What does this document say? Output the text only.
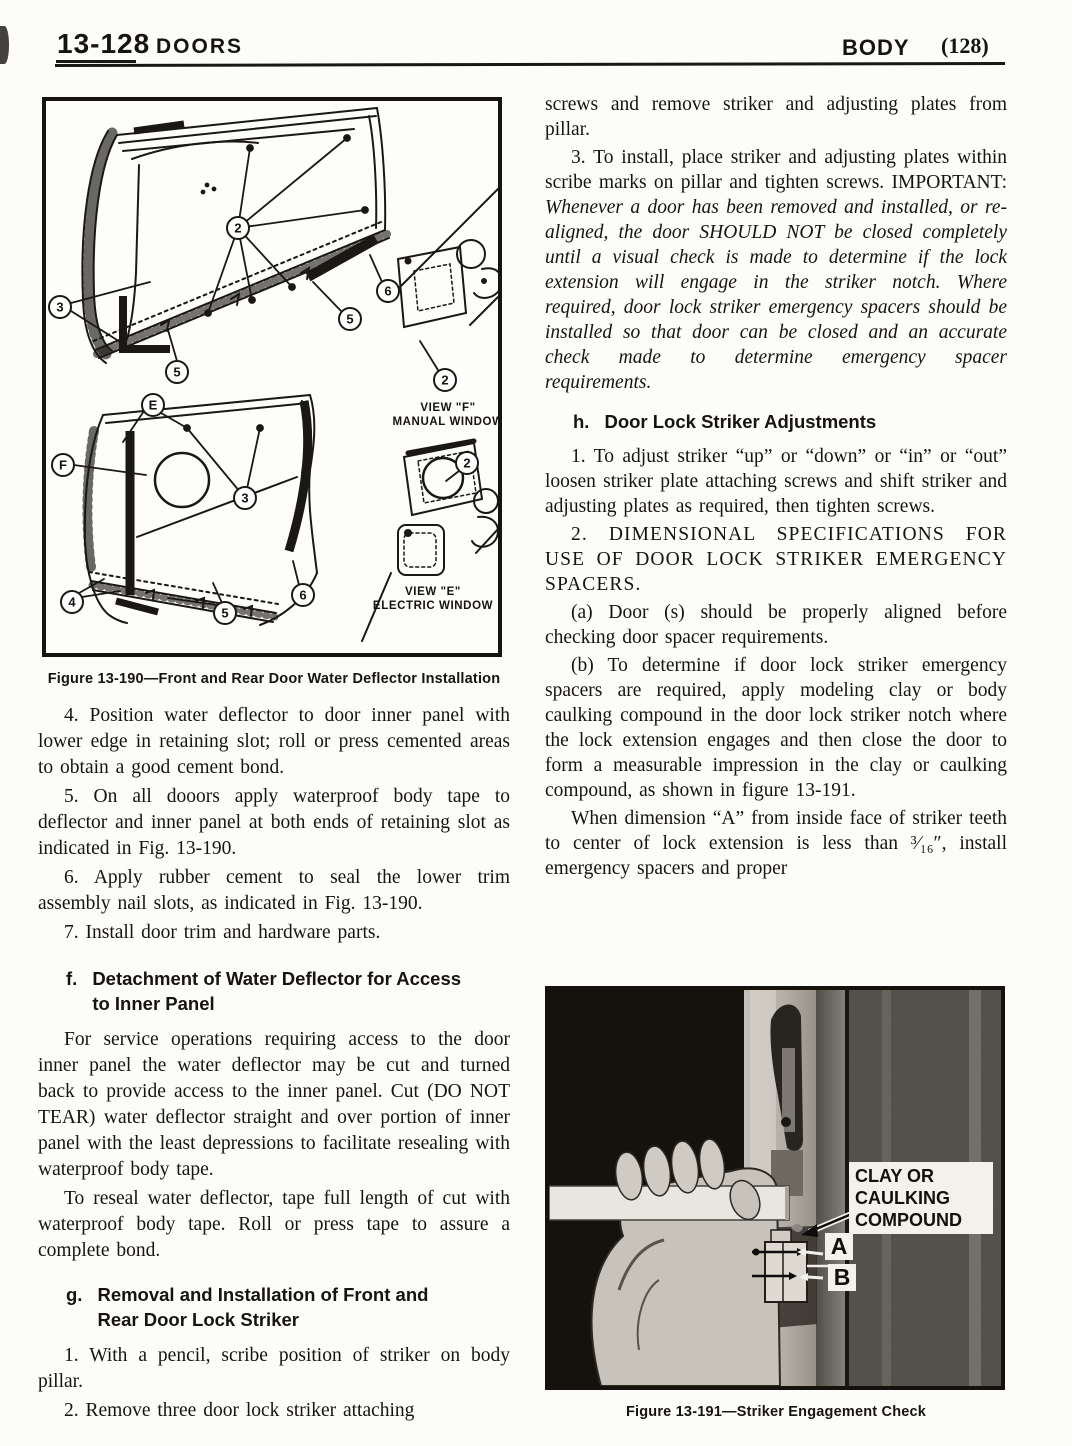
13-128 DOORS	BODY (128)
2
3
5
5
6
2
E
F
3
4
5
6
2
VIEW "F"
MANUAL WINDOW
VIEW "E"
ELECTRIC WINDOW
Figure 13-190—Front and Rear Door Water Deflector Installation

4. Position water deflector to door inner panel with lower edge in retaining slot; roll or press cemented areas to obtain a good cement bond.

5. On all dooors apply waterproof body tape to deflector and inner panel at both ends of retaining slot as indicated in Fig. 13-190.

6. Apply rubber cement to seal the lower trim assembly nail slots, as indicated in Fig. 13-190.

7. Install door trim and hardware parts.

f. Detachment of Water Deflector for Access to Inner Panel

For service operations requiring access to the door inner panel the water deflector may be cut and turned back to provide access to the inner panel. Cut (DO NOT TEAR) water deflector straight and over portion of inner panel with the least depressions to facilitate resealing with waterproof body tape.

To reseal water deflector, tape full length of cut with waterproof body tape. Roll or press tape to assure a complete bond.

g. Removal and Installation of Front and Rear Door Lock Striker

1. With a pencil, scribe position of striker on body pillar.

2. Remove three door lock striker attaching

screws and remove striker and adjusting plates from pillar.

3. To install, place striker and adjusting plates within scribe marks on pillar and tighten screws. IMPORTANT: Whenever a door has been removed and installed, or re-aligned, the door SHOULD NOT be closed completely until a visual check is made to determine if the lock extension will engage in the striker notch. Where required, door lock striker emergency spacers should be installed so that door can be closed and an accurate check made to determine emergency spacer requirements.

h. Door Lock Striker Adjustments

1. To adjust striker “up” or “down” or “in” or “out” loosen striker plate attaching screws and shift striker and adjusting plates as required, then tighten screws.

2. DIMENSIONAL SPECIFICATIONS FOR USE OF DOOR LOCK STRIKER EMERGENCY SPACERS.

(a) Door (s) should be properly aligned before checking door spacer requirements.

(b) To determine if door lock striker emergency spacers are required, apply modeling clay or body caulking compound in the door lock striker notch where the lock extension engages and then close the door to form a measurable impression in the clay or caulking compound, as shown in figure 13-191.

When dimension “A” from inside face of striker teeth to center of lock extension is less than ³⁄₁₆″, install emergency spacers and proper

CLAY OR
CAULKING
COMPOUND
A
B
Figure 13-191—Striker Engagement Check
